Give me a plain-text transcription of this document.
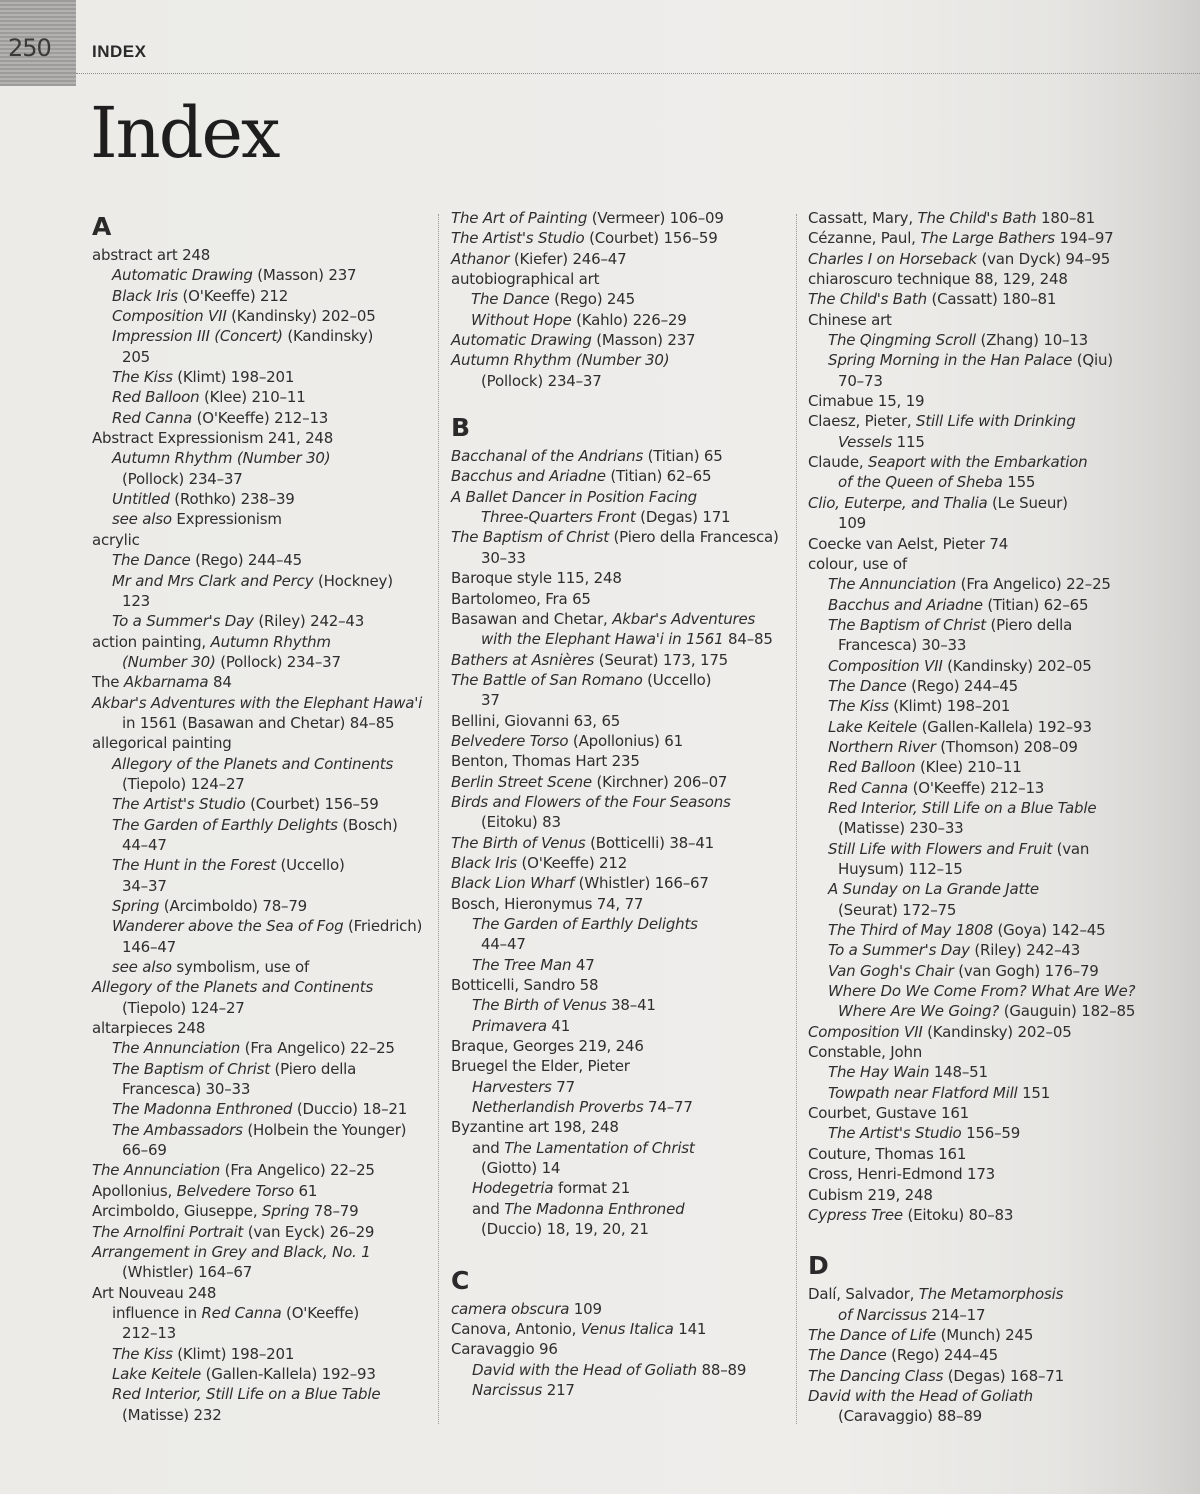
250 INDEX
Index
A
abstract art 248
Automatic Drawing (Masson) 237
Black Iris (O'Keeffe) 212
Composition VII (Kandinsky) 202–05
Impression III (Concert) (Kandinsky)
205
The Kiss (Klimt) 198–201
Red Balloon (Klee) 210–11
Red Canna (O'Keeffe) 212–13
Abstract Expressionism 241, 248
Autumn Rhythm (Number 30)
(Pollock) 234–37
Untitled (Rothko) 238–39
see also Expressionism
acrylic
The Dance (Rego) 244–45
Mr and Mrs Clark and Percy (Hockney)
123
To a Summer's Day (Riley) 242–43
action painting, Autumn Rhythm
(Number 30) (Pollock) 234–37
The Akbarnama 84
Akbar's Adventures with the Elephant Hawa'i
in 1561 (Basawan and Chetar) 84–85
allegorical painting
Allegory of the Planets and Continents
(Tiepolo) 124–27
The Artist's Studio (Courbet) 156–59
The Garden of Earthly Delights (Bosch)
44–47
The Hunt in the Forest (Uccello)
34–37
Spring (Arcimboldo) 78–79
Wanderer above the Sea of Fog (Friedrich)
146–47
see also symbolism, use of
Allegory of the Planets and Continents
(Tiepolo) 124–27
altarpieces 248
The Annunciation (Fra Angelico) 22–25
The Baptism of Christ (Piero della
Francesca) 30–33
The Madonna Enthroned (Duccio) 18–21
The Ambassadors (Holbein the Younger)
66–69
The Annunciation (Fra Angelico) 22–25
Apollonius, Belvedere Torso 61
Arcimboldo, Giuseppe, Spring 78–79
The Arnolfini Portrait (van Eyck) 26–29
Arrangement in Grey and Black, No. 1
(Whistler) 164–67
Art Nouveau 248
influence in Red Canna (O'Keeffe)
212–13
The Kiss (Klimt) 198–201
Lake Keitele (Gallen-Kallela) 192–93
Red Interior, Still Life on a Blue Table
(Matisse) 232
The Art of Painting (Vermeer) 106–09
The Artist's Studio (Courbet) 156–59
Athanor (Kiefer) 246–47
autobiographical art
The Dance (Rego) 245
Without Hope (Kahlo) 226–29
Automatic Drawing (Masson) 237
Autumn Rhythm (Number 30)
(Pollock) 234–37
B
Bacchanal of the Andrians (Titian) 65
Bacchus and Ariadne (Titian) 62–65
A Ballet Dancer in Position Facing
Three-Quarters Front (Degas) 171
The Baptism of Christ (Piero della Francesca)
30–33
Baroque style 115, 248
Bartolomeo, Fra 65
Basawan and Chetar, Akbar's Adventures
with the Elephant Hawa'i in 1561 84–85
Bathers at Asnières (Seurat) 173, 175
The Battle of San Romano (Uccello)
37
Bellini, Giovanni 63, 65
Belvedere Torso (Apollonius) 61
Benton, Thomas Hart 235
Berlin Street Scene (Kirchner) 206–07
Birds and Flowers of the Four Seasons
(Eitoku) 83
The Birth of Venus (Botticelli) 38–41
Black Iris (O'Keeffe) 212
Black Lion Wharf (Whistler) 166–67
Bosch, Hieronymus 74, 77
The Garden of Earthly Delights
44–47
The Tree Man 47
Botticelli, Sandro 58
The Birth of Venus 38–41
Primavera 41
Braque, Georges 219, 246
Bruegel the Elder, Pieter
Harvesters 77
Netherlandish Proverbs 74–77
Byzantine art 198, 248
and The Lamentation of Christ
(Giotto) 14
Hodegetria format 21
and The Madonna Enthroned
(Duccio) 18, 19, 20, 21
C
camera obscura 109
Canova, Antonio, Venus Italica 141
Caravaggio 96
David with the Head of Goliath 88–89
Narcissus 217
Cassatt, Mary, The Child's Bath 180–81
Cézanne, Paul, The Large Bathers 194–97
Charles I on Horseback (van Dyck) 94–95
chiaroscuro technique 88, 129, 248
The Child's Bath (Cassatt) 180–81
Chinese art
The Qingming Scroll (Zhang) 10–13
Spring Morning in the Han Palace (Qiu)
70–73
Cimabue 15, 19
Claesz, Pieter, Still Life with Drinking
Vessels 115
Claude, Seaport with the Embarkation
of the Queen of Sheba 155
Clio, Euterpe, and Thalia (Le Sueur)
109
Coecke van Aelst, Pieter 74
colour, use of
The Annunciation (Fra Angelico) 22–25
Bacchus and Ariadne (Titian) 62–65
The Baptism of Christ (Piero della
Francesca) 30–33
Composition VII (Kandinsky) 202–05
The Dance (Rego) 244–45
The Kiss (Klimt) 198–201
Lake Keitele (Gallen-Kallela) 192–93
Northern River (Thomson) 208–09
Red Balloon (Klee) 210–11
Red Canna (O'Keeffe) 212–13
Red Interior, Still Life on a Blue Table
(Matisse) 230–33
Still Life with Flowers and Fruit (van
Huysum) 112–15
A Sunday on La Grande Jatte
(Seurat) 172–75
The Third of May 1808 (Goya) 142–45
To a Summer's Day (Riley) 242–43
Van Gogh's Chair (van Gogh) 176–79
Where Do We Come From? What Are We?
Where Are We Going? (Gauguin) 182–85
Composition VII (Kandinsky) 202–05
Constable, John
The Hay Wain 148–51
Towpath near Flatford Mill 151
Courbet, Gustave 161
The Artist's Studio 156–59
Couture, Thomas 161
Cross, Henri-Edmond 173
Cubism 219, 248
Cypress Tree (Eitoku) 80–83
D
Dalí, Salvador, The Metamorphosis
of Narcissus 214–17
The Dance of Life (Munch) 245
The Dance (Rego) 244–45
The Dancing Class (Degas) 168–71
David with the Head of Goliath
(Caravaggio) 88–89
